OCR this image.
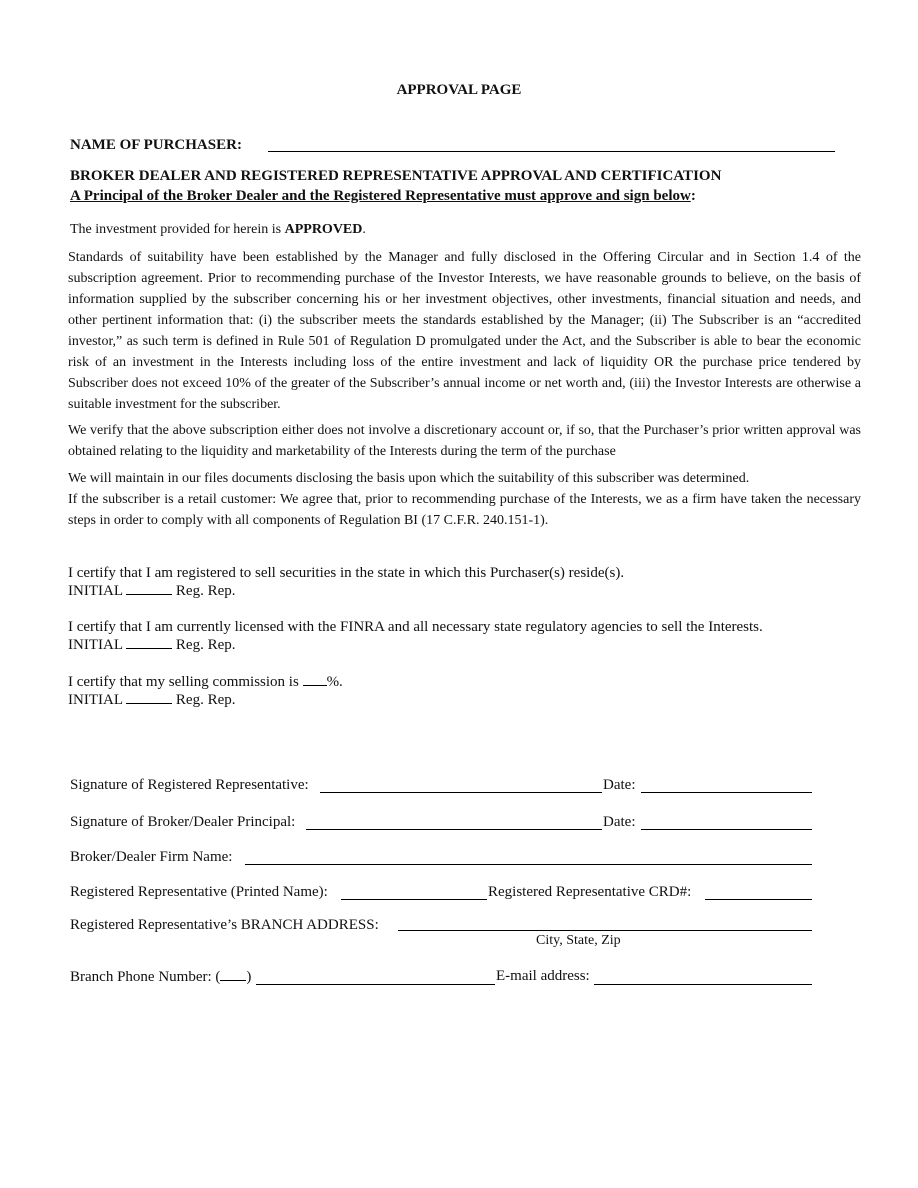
APPROVAL PAGE
NAME OF PURCHASER:
BROKER DEALER AND REGISTERED REPRESENTATIVE APPROVAL AND CERTIFICATION
A Principal of the Broker Dealer and the Registered Representative must approve and sign below:
The investment provided for herein is APPROVED.
Standards of suitability have been established by the Manager and fully disclosed in the Offering Circular and in Section 1.4 of the subscription agreement. Prior to recommending purchase of the Investor Interests, we have reasonable grounds to believe, on the basis of information supplied by the subscriber concerning his or her investment objectives, other investments, financial situation and needs, and other pertinent information that: (i) the subscriber meets the standards established by the Manager; (ii) The Subscriber is an “accredited investor,” as such term is defined in Rule 501 of Regulation D promulgated under the Act, and the Subscriber is able to bear the economic risk of an investment in the Interests including loss of the entire investment and lack of liquidity OR the purchase price tendered by Subscriber does not exceed 10% of the greater of the Subscriber’s annual income or net worth and, (iii) the Investor Interests are otherwise a suitable investment for the subscriber.
We verify that the above subscription either does not involve a discretionary account or, if so, that the Purchaser’s prior written approval was obtained relating to the liquidity and marketability of the Interests during the term of the purchase
We will maintain in our files documents disclosing the basis upon which the suitability of this subscriber was determined.
If the subscriber is a retail customer: We agree that, prior to recommending purchase of the Interests, we as a firm have taken the necessary steps in order to comply with all components of Regulation BI (17 C.F.R. 240.151-1).
I certify that I am registered to sell securities in the state in which this Purchaser(s) reside(s).
INITIAL	Reg. Rep.
I certify that I am currently licensed with the FINRA and all necessary state regulatory agencies to sell the Interests.
INITIAL	Reg. Rep.
I certify that my selling commission is %.
INITIAL	Reg. Rep.
Signature of Registered Representative:	Date:
Signature of Broker/Dealer Principal:	Date:
Broker/Dealer Firm Name:
Registered Representative (Printed Name):	Registered Representative CRD#:
Registered Representative’s BRANCH ADDRESS:
City, State, Zip
Branch Phone Number: ( )	E-mail address:
